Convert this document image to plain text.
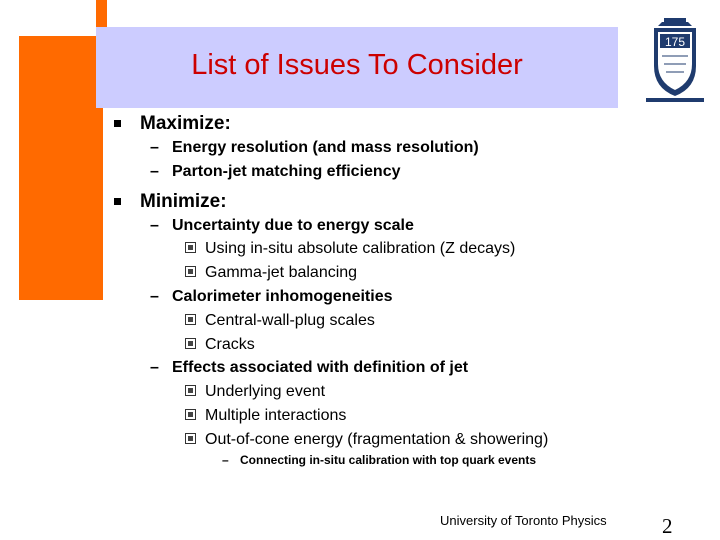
List of Issues To Consider
175
Maximize:
– Energy resolution (and mass resolution)
– Parton-jet matching efficiency
Minimize:
– Uncertainty due to energy scale
Using in-situ absolute calibration (Z decays)
Gamma-jet balancing
– Calorimeter inhomogeneities
Central-wall-plug scales
Cracks
– Effects associated with definition of jet
Underlying event
Multiple interactions
Out-of-cone energy (fragmentation & showering)
– Connecting in-situ calibration with top quark events
University of Toronto Physics	2
